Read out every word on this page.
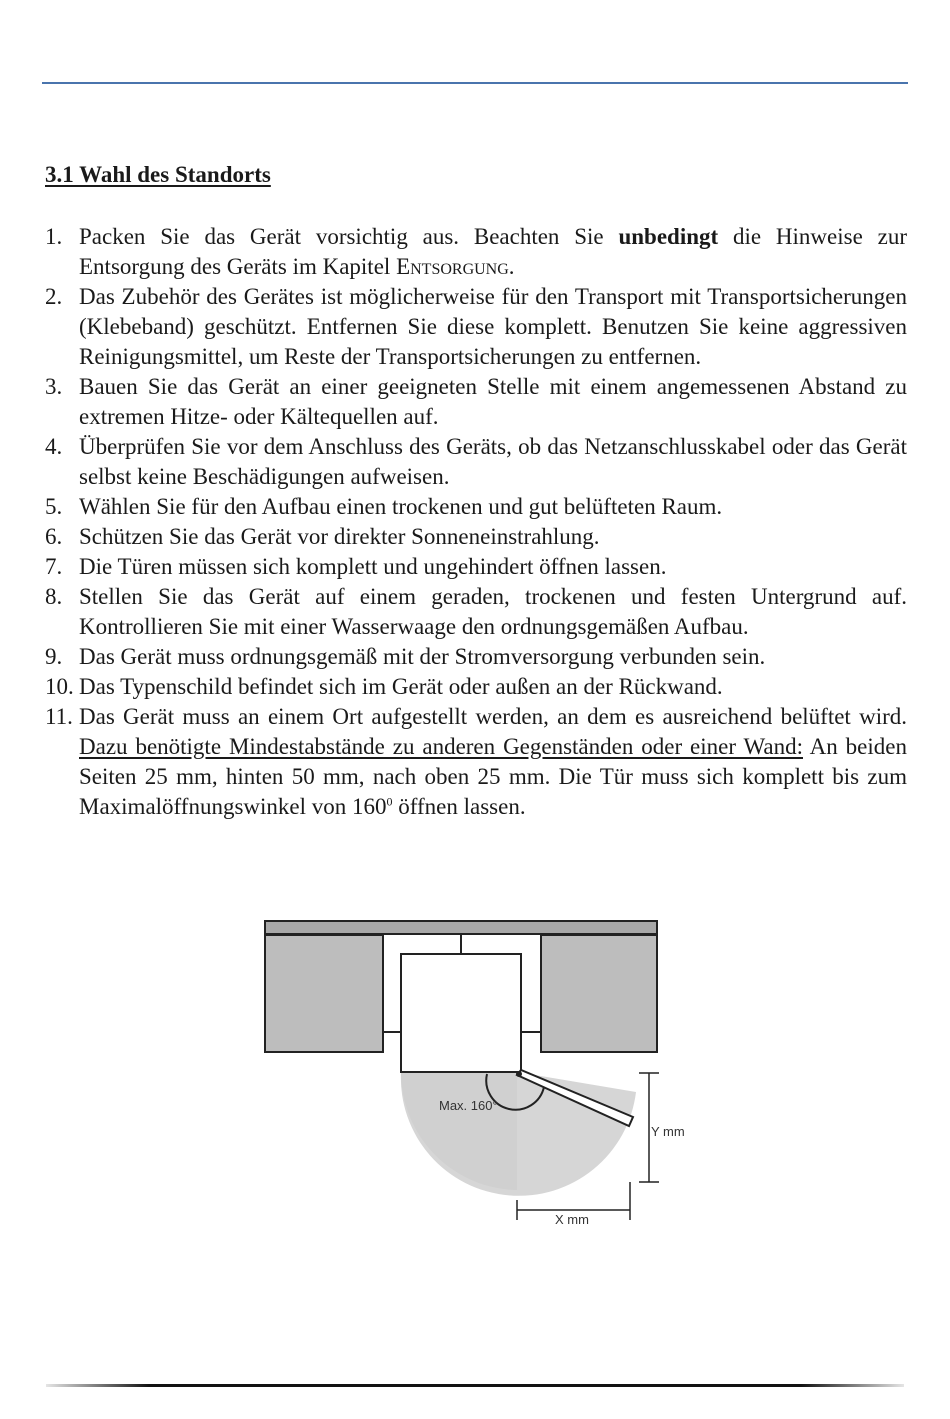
3.1 Wahl des Standorts
1. Packen Sie das Gerät vorsichtig aus. Beachten Sie unbedingt die Hinweise zur Entsorgung des Geräts im Kapitel Entsorgung.
2. Das Zubehör des Gerätes ist möglicherweise für den Transport mit Transportsicherungen (Klebeband) geschützt. Entfernen Sie diese komplett. Benutzen Sie keine aggressiven Reinigungsmittel, um Reste der Transportsicherungen zu entfernen.
3. Bauen Sie das Gerät an einer geeigneten Stelle mit einem angemessenen Abstand zu extremen Hitze- oder Kältequellen auf.
4. Überprüfen Sie vor dem Anschluss des Geräts, ob das Netzanschlusskabel oder das Gerät selbst keine Beschädigungen aufweisen.
5. Wählen Sie für den Aufbau einen trockenen und gut belüfteten Raum.
6. Schützen Sie das Gerät vor direkter Sonneneinstrahlung.
7. Die Türen müssen sich komplett und ungehindert öffnen lassen.
8. Stellen Sie das Gerät auf einem geraden, trockenen und festen Untergrund auf. Kontrollieren Sie mit einer Wasserwaage den ordnungsgemäßen Aufbau.
9. Das Gerät muss ordnungsgemäß mit der Stromversorgung verbunden sein.
10. Das Typenschild befindet sich im Gerät oder außen an der Rückwand.
11. Das Gerät muss an einem Ort aufgestellt werden, an dem es ausreichend belüftet wird. Dazu benötigte Mindestabstände zu anderen Gegenständen oder einer Wand: An beiden Seiten 25 mm, hinten 50 mm, nach oben 25 mm. Die Tür muss sich komplett bis zum Maximalöffnungswinkel von $160^0$ öffnen lassen.
Max. 160°
Y mm
X mm
